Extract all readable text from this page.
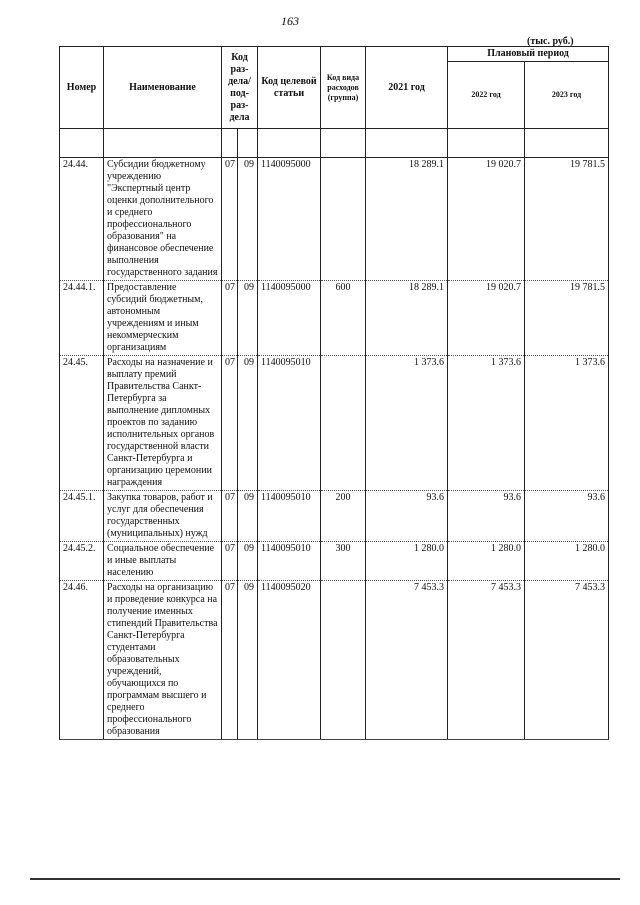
163
(тыс. руб.)
Номер	Наименование	Код раз-дела/ под-раз-дела		Код целевой статьи	Код вида расходов (группа)	2021 год	Плановый период	
							2022 год	2023 год

24.44.	Субсидии бюджетному учреждению "Экспертный центр оценки дополнительного и среднего профессионального образования" на финансовое обеспечение выполнения государственного задания	07	09	1140095000		18 289.1	19 020.7	19 781.5
24.44.1.	Предоставление субсидий бюджетным, автономным учреждениям и иным некоммерческим организациям	07	09	1140095000	600	18 289.1	19 020.7	19 781.5
24.45.	Расходы на назначение и выплату премий Правительства Санкт-Петербурга за выполнение дипломных проектов по заданию исполнительных органов государственной власти Санкт-Петербурга и организацию церемонии награждения	07	09	1140095010		1 373.6	1 373.6	1 373.6
24.45.1.	Закупка товаров, работ и услуг для обеспечения государственных (муниципальных) нужд	07	09	1140095010	200	93.6	93.6	93.6
24.45.2.	Социальное обеспечение и иные выплаты населению	07	09	1140095010	300	1 280.0	1 280.0	1 280.0
24.46.	Расходы на организацию и проведение конкурса на получение именных стипендий Правительства Санкт-Петербурга студентами образовательных учреждений, обучающихся по программам высшего и среднего профессионального образования	07	09	1140095020		7 453.3	7 453.3	7 453.3
